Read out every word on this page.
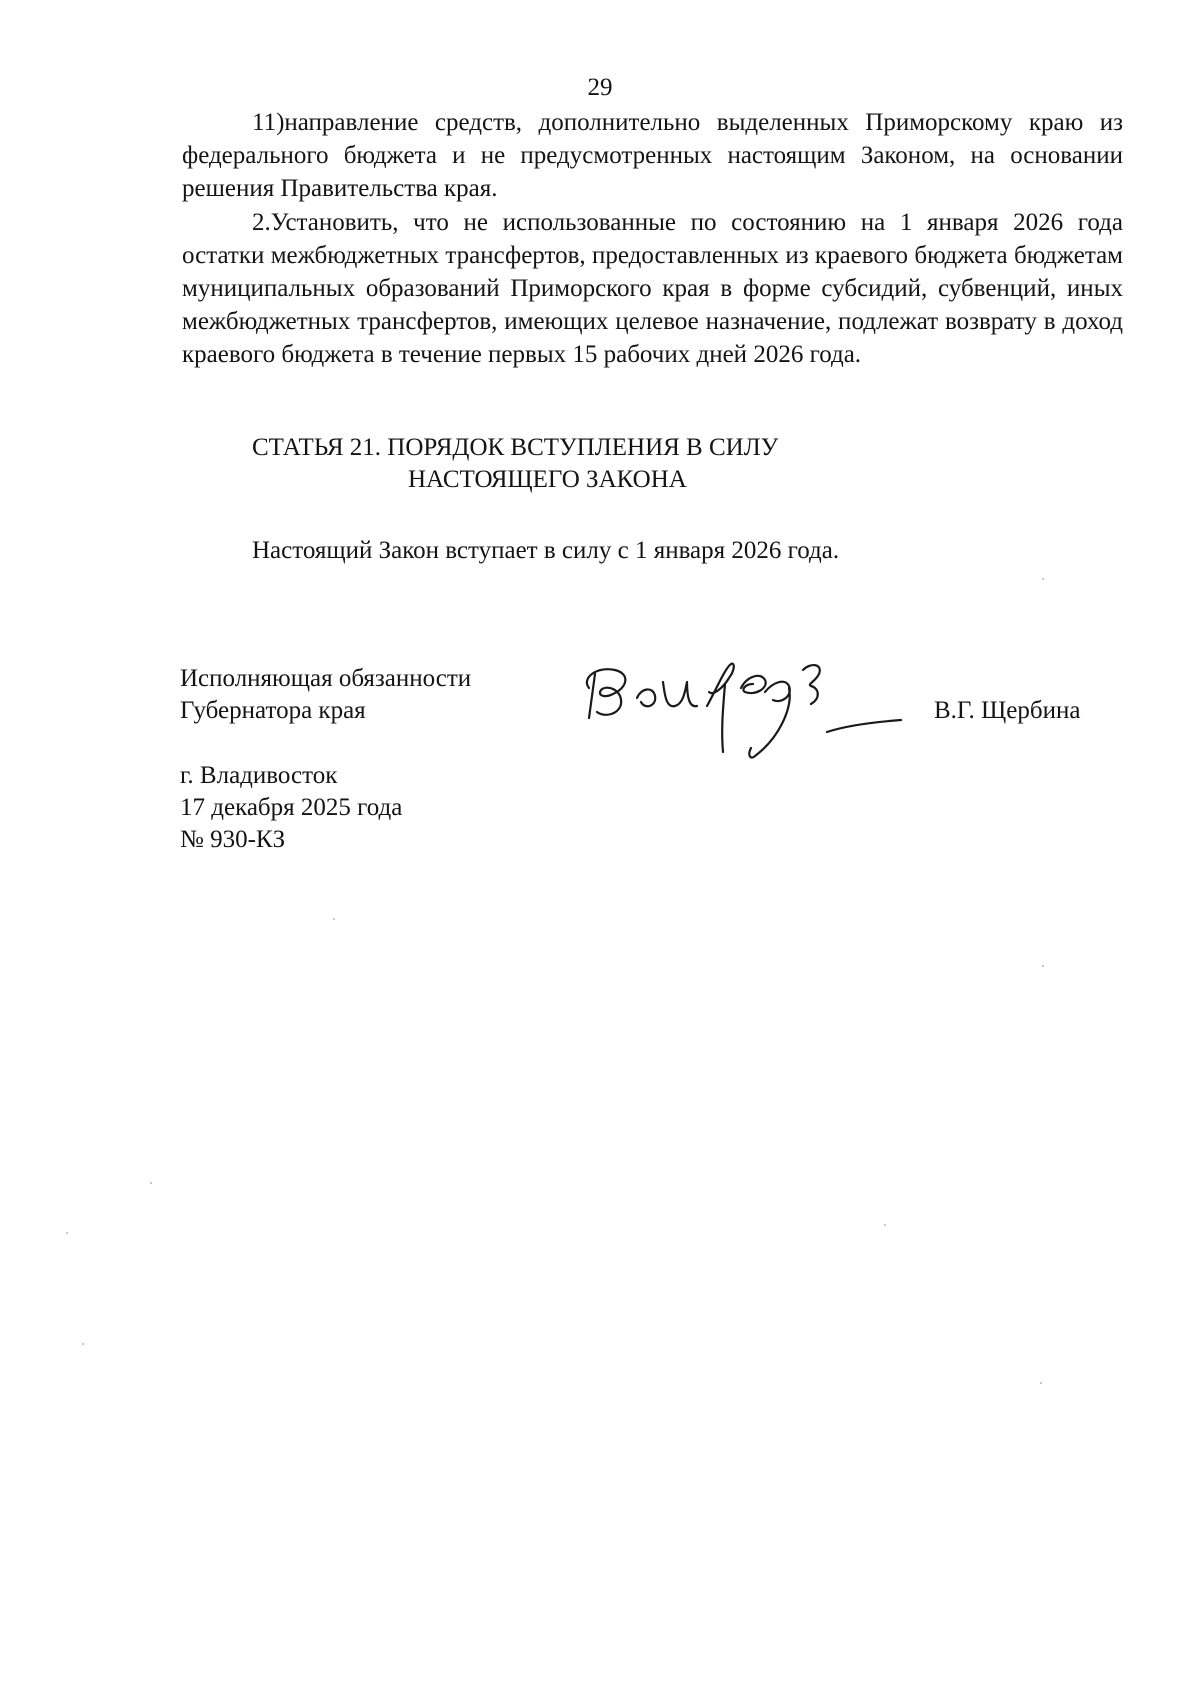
29

11)направление средств, дополнительно выделенных Приморскому краю из федерального бюджета и не предусмотренных настоящим Законом, на основании решения Правительства края.

2.Установить, что не использованные по состоянию на 1 января 2026 года остатки межбюджетных трансфертов, предоставленных из краевого бюджета бюджетам муниципальных образований Приморского края в форме субсидий, субвенций, иных межбюджетных трансфертов, имеющих целевое назначение, подлежат возврату в доход краевого бюджета в течение первых 15 рабочих дней 2026 года.

СТАТЬЯ 21. ПОРЯДОК ВСТУПЛЕНИЯ В СИЛУ
НАСТОЯЩЕГО ЗАКОНА
Настоящий Закон вступает в силу с 1 января 2026 года.
Исполняющая обязанности
Губернатора края	В.Г. Щербина
г. Владивосток
17 декабря 2025 года
№ 930-КЗ
